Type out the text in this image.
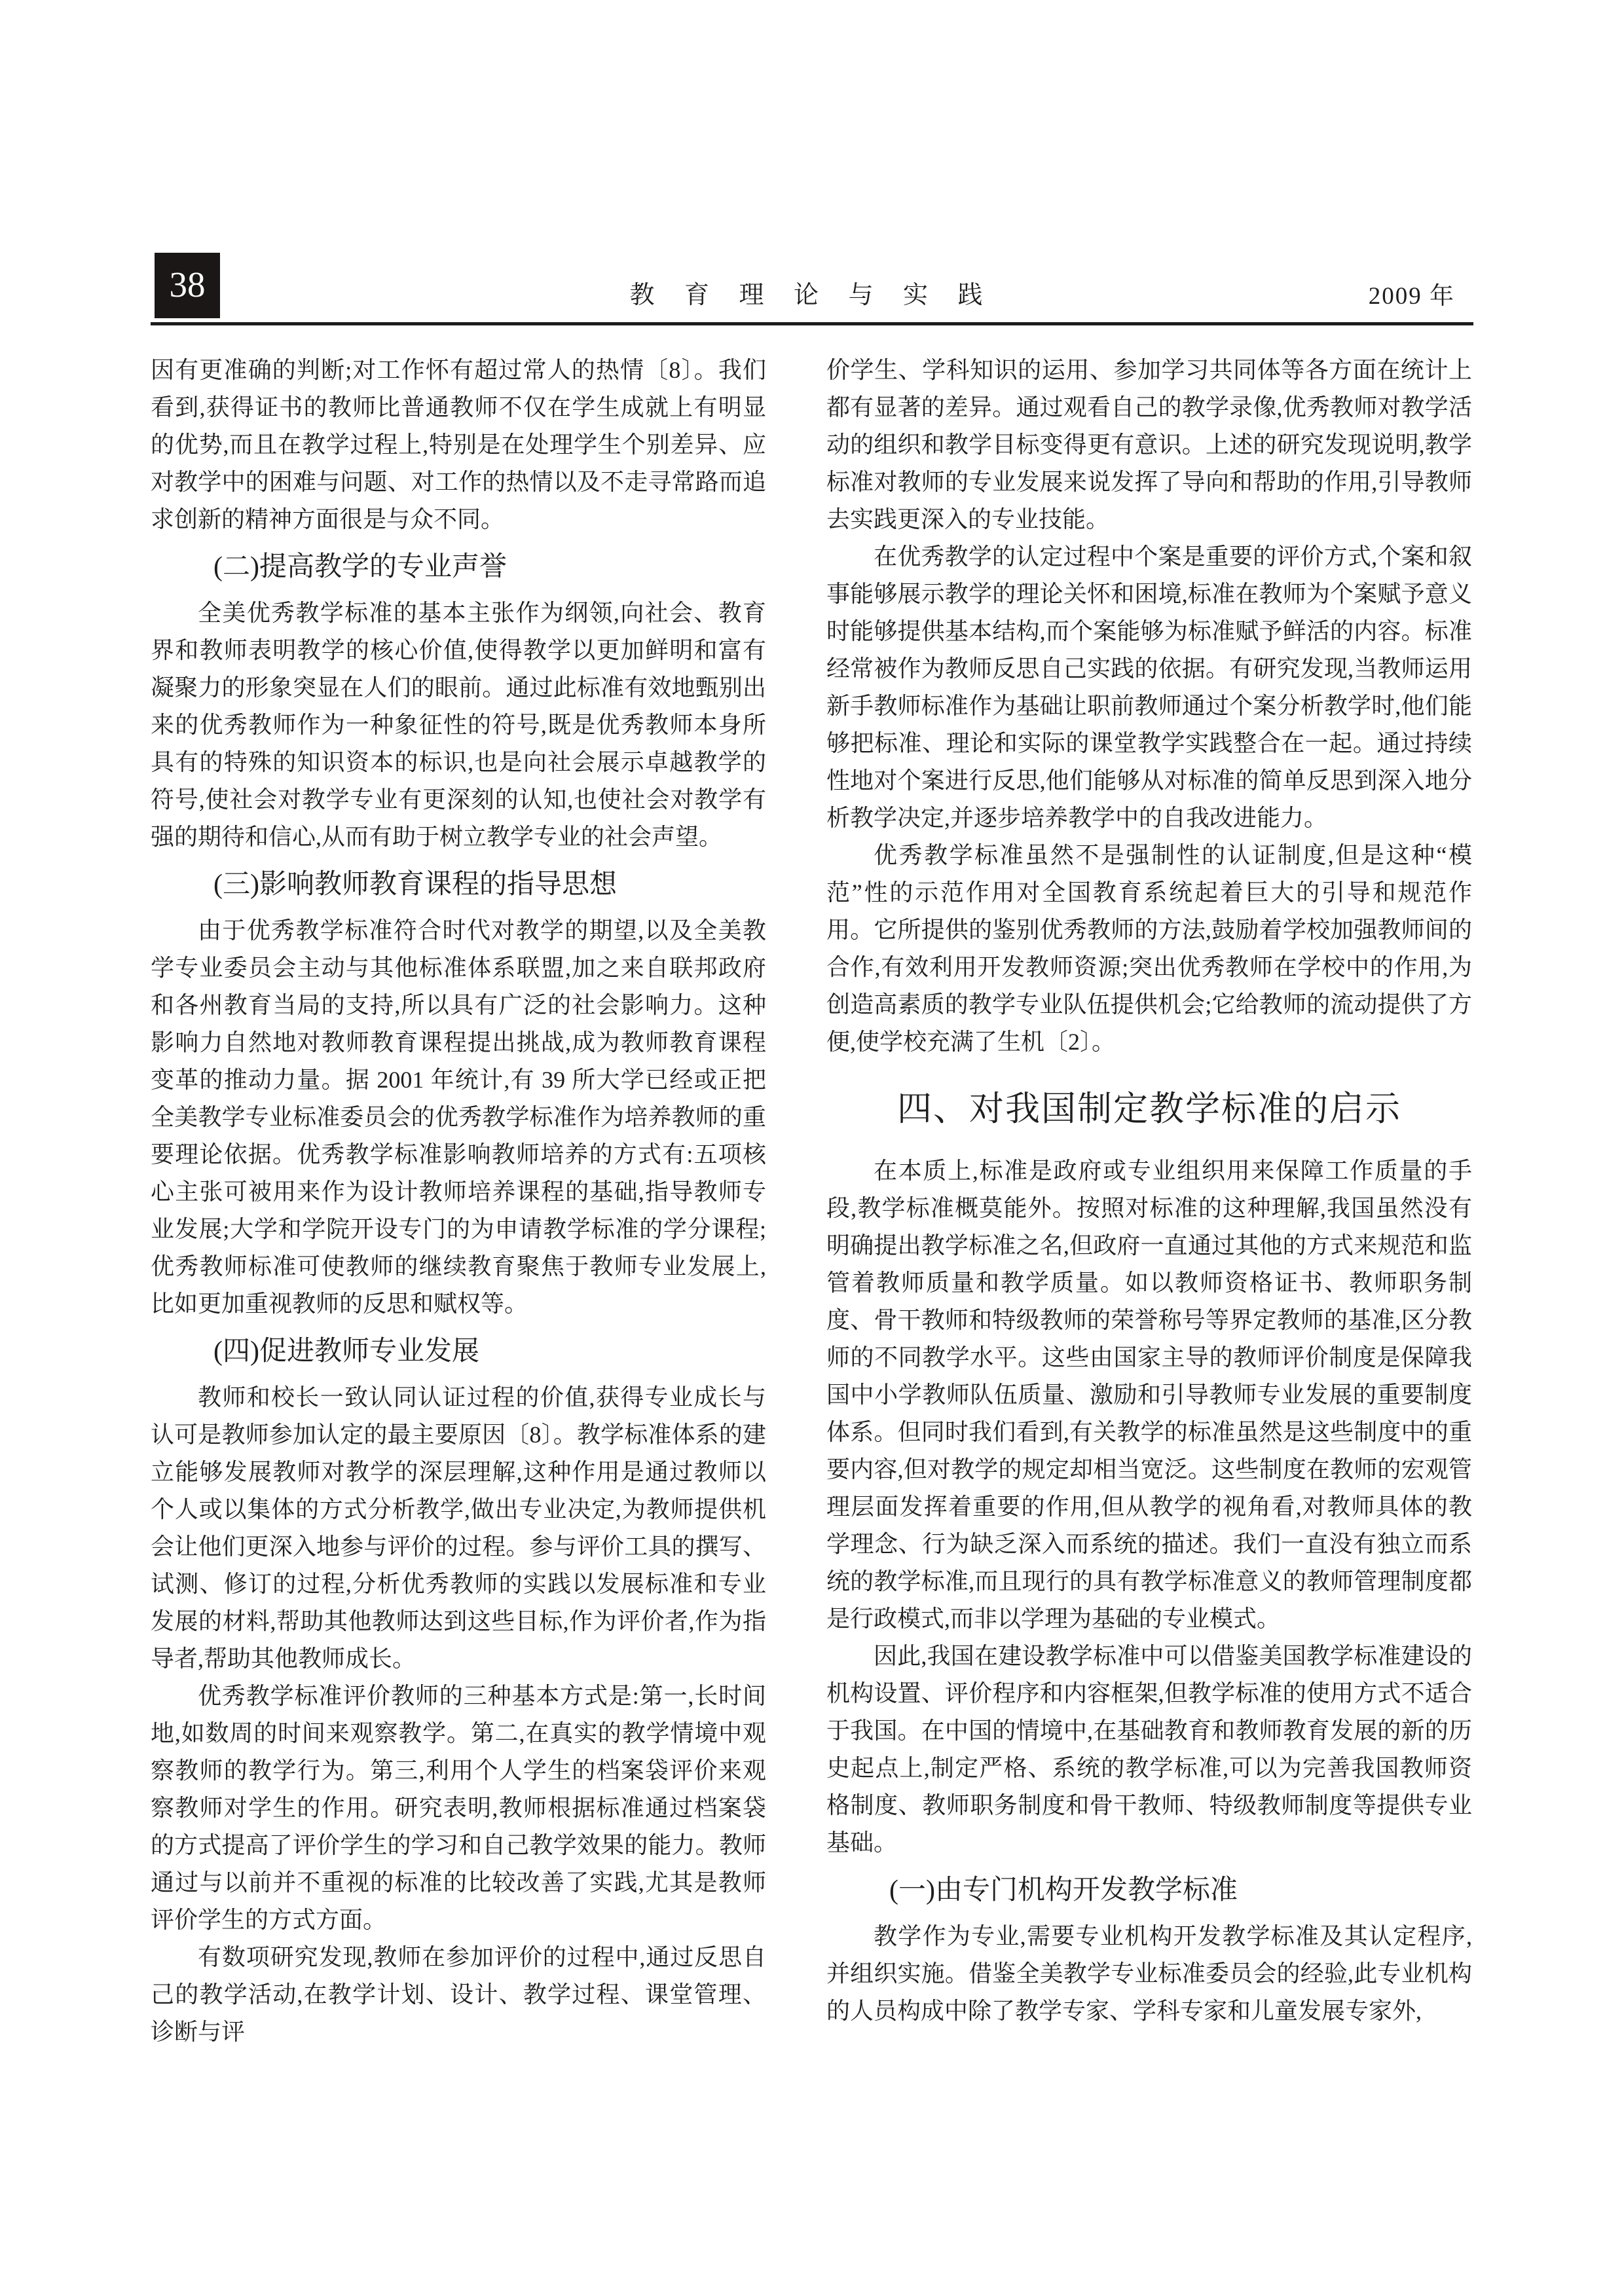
38	教 育 理 论 与 实 践	2009 年

因有更准确的判断;对工作怀有超过常人的热情〔8〕。我们看到,获得证书的教师比普通教师不仅在学生成就上有明显的优势,而且在教学过程上,特别是在处理学生个别差异、应对教学中的困难与问题、对工作的热情以及不走寻常路而追求创新的精神方面很是与众不同。

(二)提高教学的专业声誉

全美优秀教学标准的基本主张作为纲领,向社会、教育界和教师表明教学的核心价值,使得教学以更加鲜明和富有凝聚力的形象突显在人们的眼前。通过此标准有效地甄别出来的优秀教师作为一种象征性的符号,既是优秀教师本身所具有的特殊的知识资本的标识,也是向社会展示卓越教学的符号,使社会对教学专业有更深刻的认知,也使社会对教学有强的期待和信心,从而有助于树立教学专业的社会声望。

(三)影响教师教育课程的指导思想

由于优秀教学标准符合时代对教学的期望,以及全美教学专业委员会主动与其他标准体系联盟,加之来自联邦政府和各州教育当局的支持,所以具有广泛的社会影响力。这种影响力自然地对教师教育课程提出挑战,成为教师教育课程变革的推动力量。据 2001 年统计,有 39 所大学已经或正把全美教学专业标准委员会的优秀教学标准作为培养教师的重要理论依据。优秀教学标准影响教师培养的方式有:五项核心主张可被用来作为设计教师培养课程的基础,指导教师专业发展;大学和学院开设专门的为申请教学标准的学分课程;优秀教师标准可使教师的继续教育聚焦于教师专业发展上,比如更加重视教师的反思和赋权等。

(四)促进教师专业发展

教师和校长一致认同认证过程的价值,获得专业成长与认可是教师参加认定的最主要原因〔8〕。教学标准体系的建立能够发展教师对教学的深层理解,这种作用是通过教师以个人或以集体的方式分析教学,做出专业决定,为教师提供机会让他们更深入地参与评价的过程。参与评价工具的撰写、试测、修订的过程,分析优秀教师的实践以发展标准和专业发展的材料,帮助其他教师达到这些目标,作为评价者,作为指导者,帮助其他教师成长。

优秀教学标准评价教师的三种基本方式是:第一,长时间地,如数周的时间来观察教学。第二,在真实的教学情境中观察教师的教学行为。第三,利用个人学生的档案袋评价来观察教师对学生的作用。研究表明,教师根据标准通过档案袋的方式提高了评价学生的学习和自己教学效果的能力。教师通过与以前并不重视的标准的比较改善了实践,尤其是教师评价学生的方式方面。

有数项研究发现,教师在参加评价的过程中,通过反思自己的教学活动,在教学计划、设计、教学过程、课堂管理、诊断与评

价学生、学科知识的运用、参加学习共同体等各方面在统计上都有显著的差异。通过观看自己的教学录像,优秀教师对教学活动的组织和教学目标变得更有意识。上述的研究发现说明,教学标准对教师的专业发展来说发挥了导向和帮助的作用,引导教师去实践更深入的专业技能。

在优秀教学的认定过程中个案是重要的评价方式,个案和叙事能够展示教学的理论关怀和困境,标准在教师为个案赋予意义时能够提供基本结构,而个案能够为标准赋予鲜活的内容。标准经常被作为教师反思自己实践的依据。有研究发现,当教师运用新手教师标准作为基础让职前教师通过个案分析教学时,他们能够把标准、理论和实际的课堂教学实践整合在一起。通过持续性地对个案进行反思,他们能够从对标准的简单反思到深入地分析教学决定,并逐步培养教学中的自我改进能力。

优秀教学标准虽然不是强制性的认证制度,但是这种“模范”性的示范作用对全国教育系统起着巨大的引导和规范作用。它所提供的鉴别优秀教师的方法,鼓励着学校加强教师间的合作,有效利用开发教师资源;突出优秀教师在学校中的作用,为创造高素质的教学专业队伍提供机会;它给教师的流动提供了方便,使学校充满了生机〔2〕。

四、对我国制定教学标准的启示

在本质上,标准是政府或专业组织用来保障工作质量的手段,教学标准概莫能外。按照对标准的这种理解,我国虽然没有明确提出教学标准之名,但政府一直通过其他的方式来规范和监管着教师质量和教学质量。如以教师资格证书、教师职务制度、骨干教师和特级教师的荣誉称号等界定教师的基准,区分教师的不同教学水平。这些由国家主导的教师评价制度是保障我国中小学教师队伍质量、激励和引导教师专业发展的重要制度体系。但同时我们看到,有关教学的标准虽然是这些制度中的重要内容,但对教学的规定却相当宽泛。这些制度在教师的宏观管理层面发挥着重要的作用,但从教学的视角看,对教师具体的教学理念、行为缺乏深入而系统的描述。我们一直没有独立而系统的教学标准,而且现行的具有教学标准意义的教师管理制度都是行政模式,而非以学理为基础的专业模式。

因此,我国在建设教学标准中可以借鉴美国教学标准建设的机构设置、评价程序和内容框架,但教学标准的使用方式不适合于我国。在中国的情境中,在基础教育和教师教育发展的新的历史起点上,制定严格、系统的教学标准,可以为完善我国教师资格制度、教师职务制度和骨干教师、特级教师制度等提供专业基础。

(一)由专门机构开发教学标准

教学作为专业,需要专业机构开发教学标准及其认定程序,并组织实施。借鉴全美教学专业标准委员会的经验,此专业机构的人员构成中除了教学专家、学科专家和儿童发展专家外,
